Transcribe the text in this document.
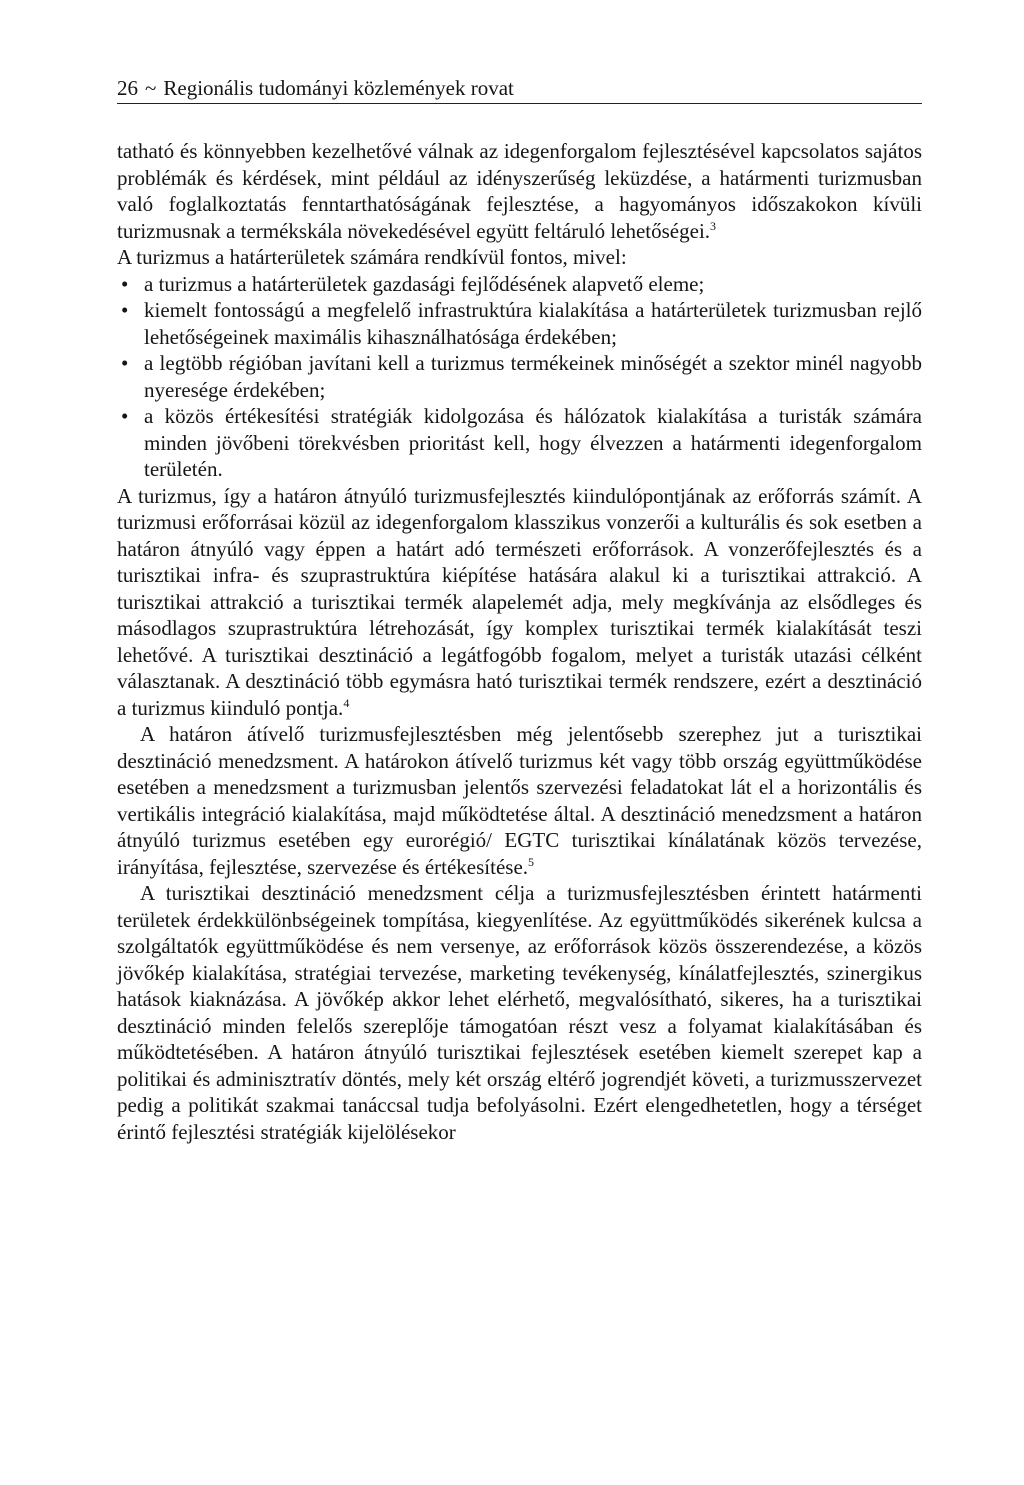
26 ~ Regionális tudományi közlemények rovat

tatható és könnyebben kezelhetővé válnak az idegenforgalom fejlesztésével kapcsolatos sajátos problémák és kérdések, mint például az idényszerűség leküzdése, a határmenti turizmusban való foglalkoztatás fenntarthatóságának fejlesztése, a hagyományos időszakokon kívüli turizmusnak a termékskála növekedésével együtt feltáruló lehetőségei.$^3$

A turizmus a határterületek számára rendkívül fontos, mivel:

• a turizmus a határterületek gazdasági fejlődésének alapvető eleme;
• kiemelt fontosságú a megfelelő infrastruktúra kialakítása a határterületek turizmusban rejlő lehetőségeinek maximális kihasználhatósága érdekében;
• a legtöbb régióban javítani kell a turizmus termékeinek minőségét a szektor minél nagyobb nyeresége érdekében;
• a közös értékesítési stratégiák kidolgozása és hálózatok kialakítása a turisták számára minden jövőbeni törekvésben prioritást kell, hogy élvezzen a határmenti idegenforgalom területén.

A turizmus, így a határon átnyúló turizmusfejlesztés kiindulópontjának az erőforrás számít. A turizmusi erőforrásai közül az idegenforgalom klasszikus vonzerői a kulturális és sok esetben a határon átnyúló vagy éppen a határt adó természeti erőforrások. A vonzerőfejlesztés és a turisztikai infra- és szuprastruktúra kiépítése hatására alakul ki a turisztikai attrakció. A turisztikai attrakció a turisztikai termék alapelemét adja, mely megkívánja az elsődleges és másodlagos szuprastruktúra létrehozását, így komplex turisztikai termék kialakítását teszi lehetővé. A turisztikai desztináció a legátfogóbb fogalom, melyet a turisták utazási célként választanak. A desztináció több egymásra ható turisztikai termék rendszere, ezért a desztináció a turizmus kiinduló pontja.$^4$

A határon átívelő turizmusfejlesztésben még jelentősebb szerephez jut a turisztikai desztináció menedzsment. A határokon átívelő turizmus két vagy több ország együttműködése esetében a menedzsment a turizmusban jelentős szervezési feladatokat lát el a horizontális és vertikális integráció kialakítása, majd működtetése által. A desztináció menedzsment a határon átnyúló turizmus esetében egy eurorégió/ EGTC turisztikai kínálatának közös tervezése, irányítása, fejlesztése, szervezése és értékesítése.$^5$

A turisztikai desztináció menedzsment célja a turizmusfejlesztésben érintett határmenti területek érdekkülönbségeinek tompítása, kiegyenlítése. Az együttműködés sikerének kulcsa a szolgáltatók együttműködése és nem versenye, az erőforrások közös összerendezése, a közös jövőkép kialakítása, stratégiai tervezése, marketing tevékenység, kínálatfejlesztés, szinergikus hatások kiaknázása. A jövőkép akkor lehet elérhető, megvalósítható, sikeres, ha a turisztikai desztináció minden felelős szereplője támogatóan részt vesz a folyamat kialakításában és működtetésében. A határon átnyúló turisztikai fejlesztések esetében kiemelt szerepet kap a politikai és adminisztratív döntés, mely két ország eltérő jogrendjét követi, a turizmusszervezet pedig a politikát szakmai tanáccsal tudja befolyásolni. Ezért elengedhetetlen, hogy a térséget érintő fejlesztési stratégiák kijelölésekor
